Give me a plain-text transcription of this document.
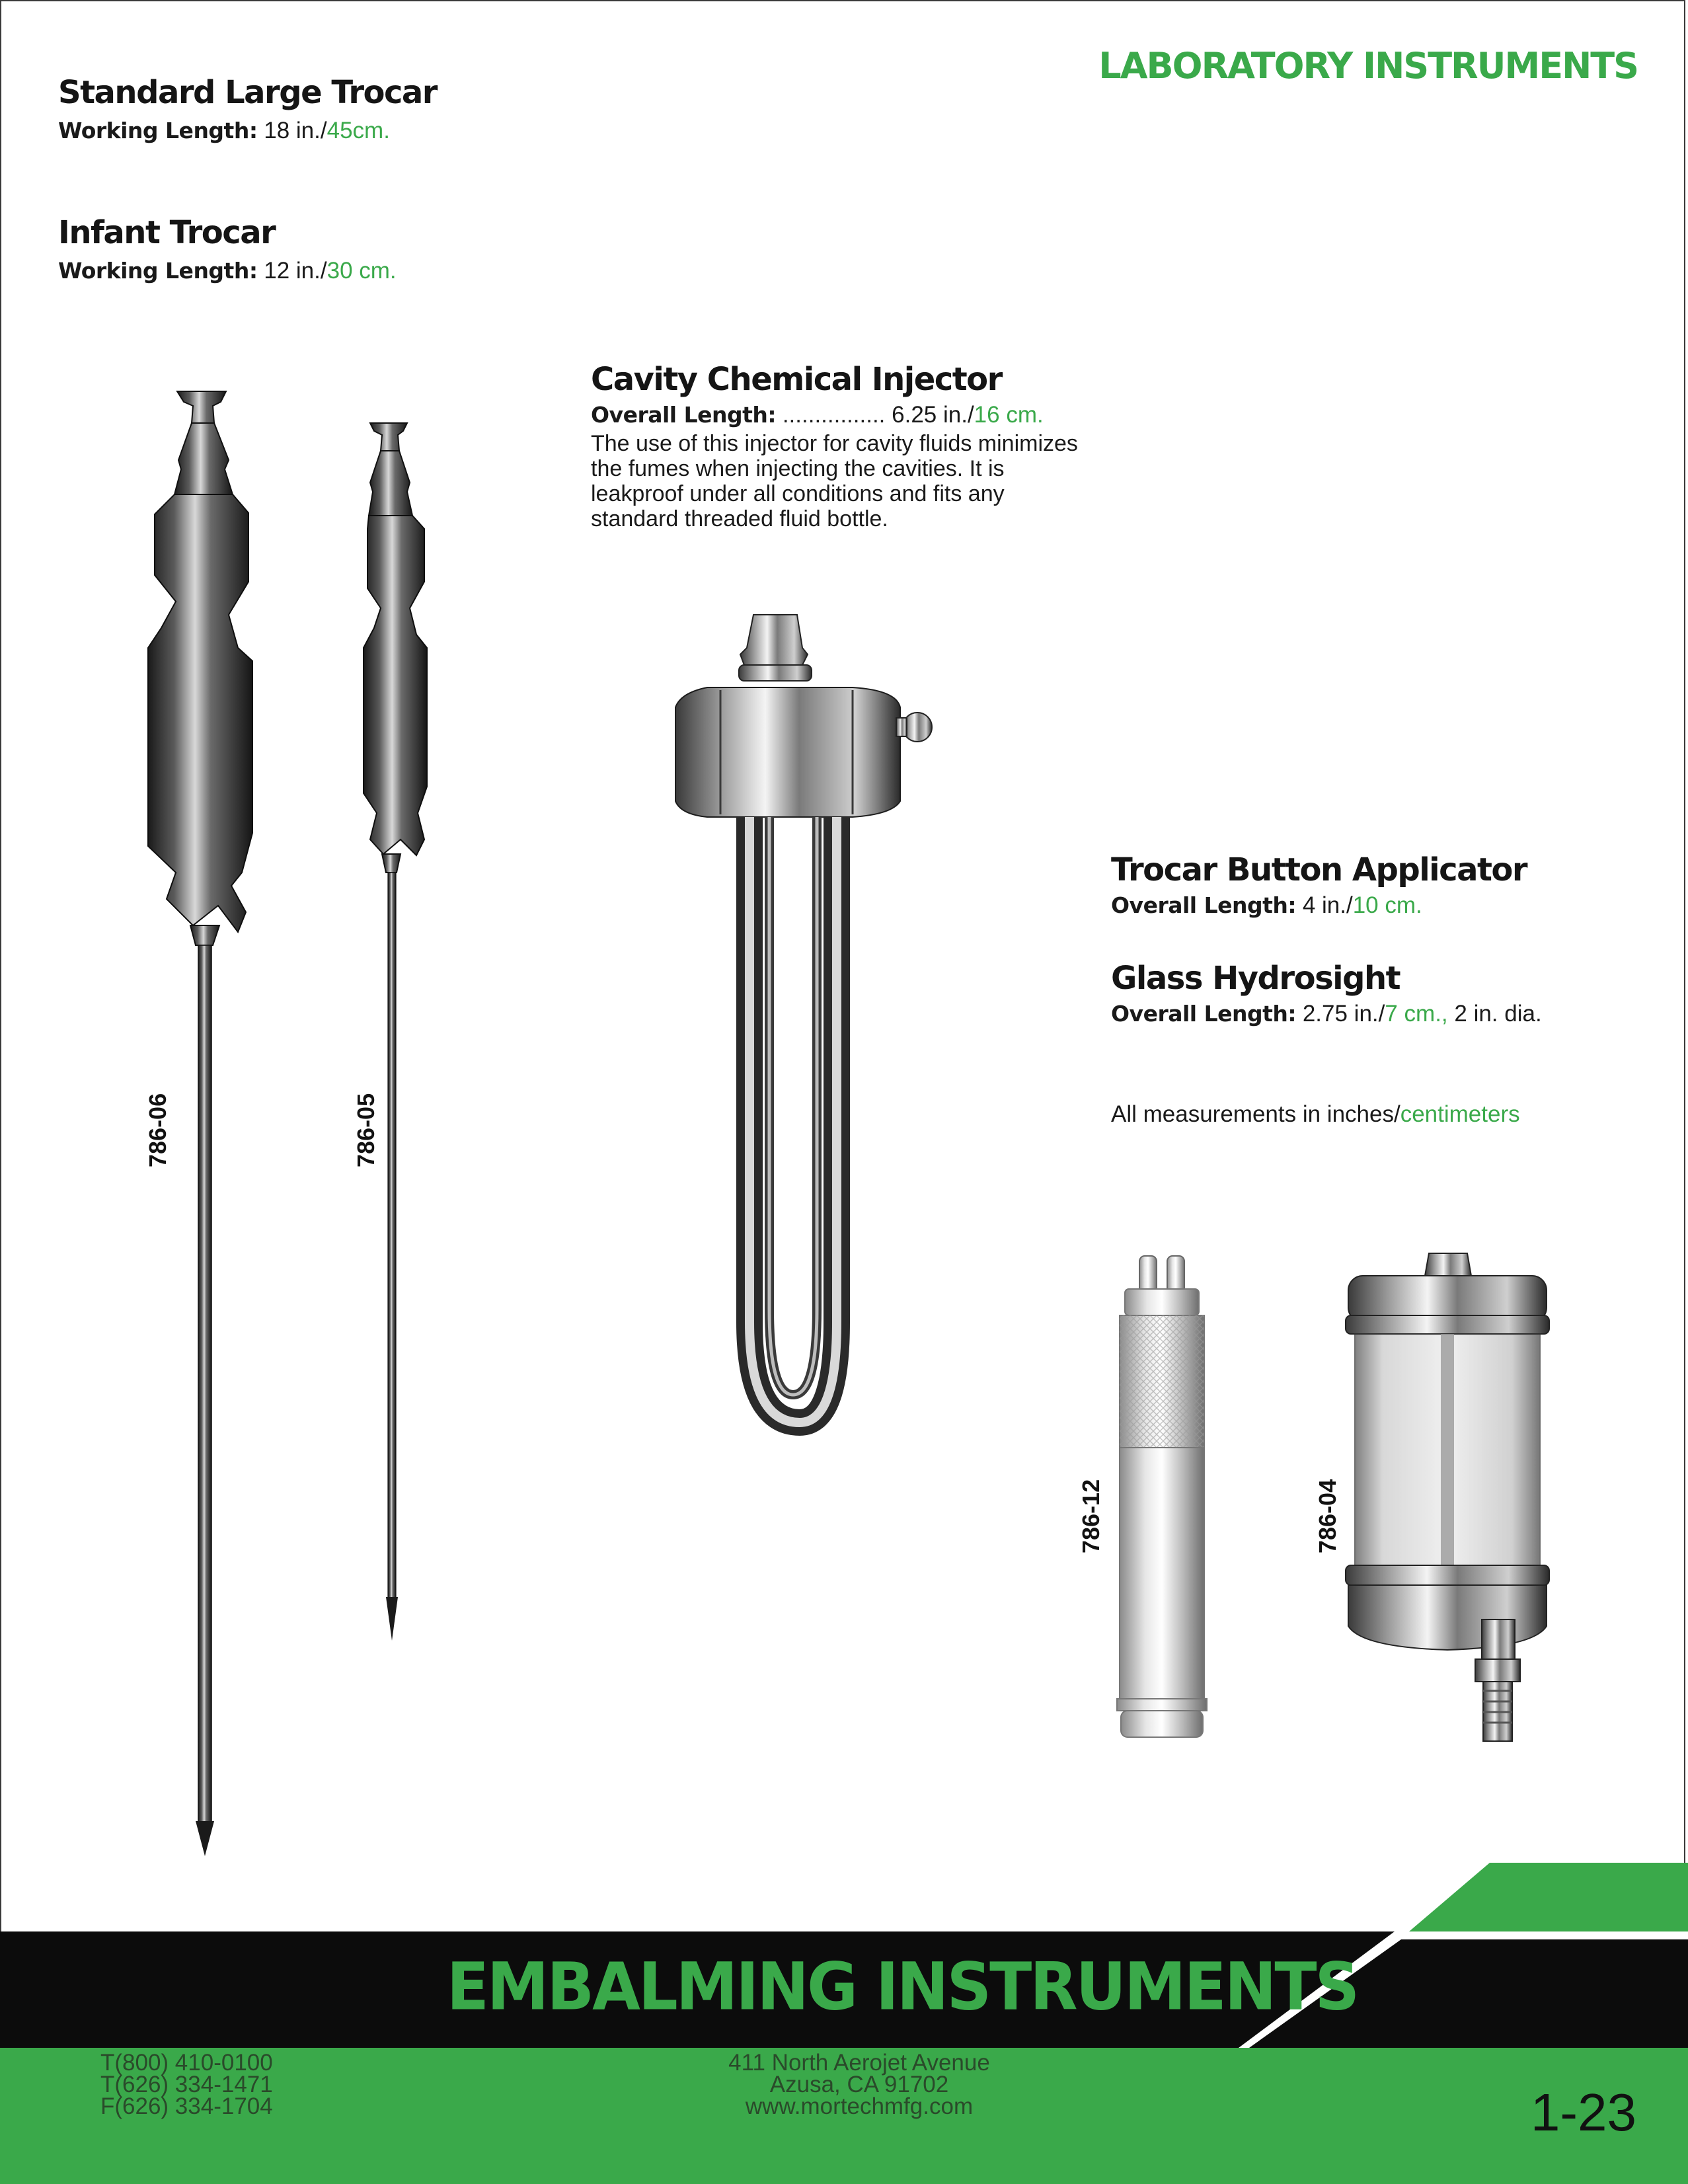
LABORATORY INSTRUMENTS
Standard Large Trocar
Working Length: 18 in./45cm.
Infant Trocar
Working Length: 12 in./30 cm.
Cavity Chemical Injector
Overall Length: ................ 6.25 in./16 cm.
The use of this injector for cavity fluids minimizes the fumes when injecting the cavities. It is leakproof under all conditions and fits any standard threaded fluid bottle.
Trocar Button Applicator
Overall Length: 4 in./10 cm.
Glass Hydrosight
Overall Length: 2.75 in./7 cm., 2 in. dia.
All measurements in inches/centimeters
786-06	786-05
786-12	786-04
EMBALMING INSTRUMENTS
T(800) 410-0100
T(626) 334-1471
F(626) 334-1704
411 North Aerojet Avenue
Azusa, CA 91702
www.mortechmfg.com	1-23
